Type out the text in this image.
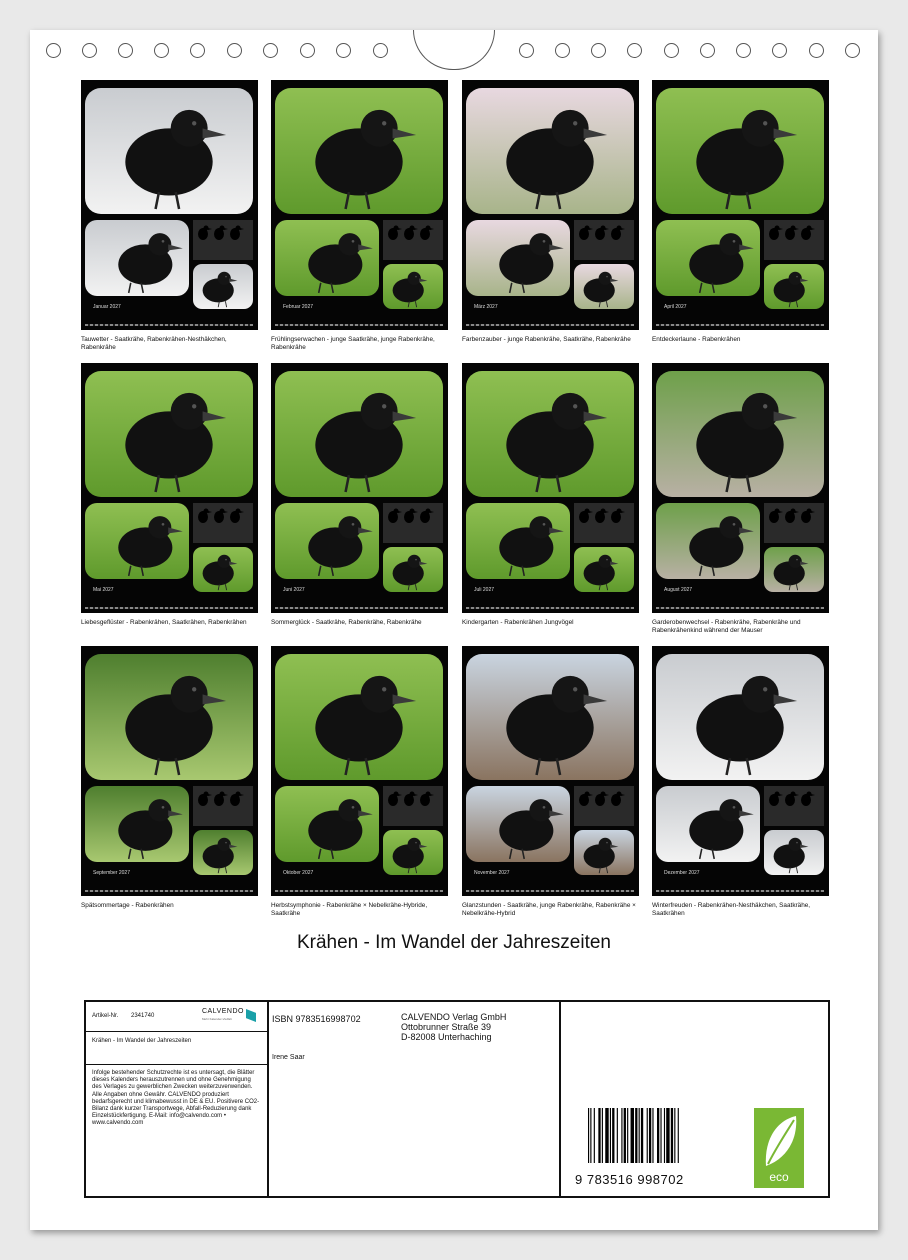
Januar 2027
Tauwetter - Saatkrähe, Rabenkrähen-Nesthäkchen, Rabenkrähe
Februar 2027
Frühlingserwachen - junge Saatkrähe, junge Rabenkrähe, Rabenkrähe
März 2027
Farbenzauber - junge Rabenkrähe, Saatkrähe, Rabenkrähe
April 2027
Entdeckerlaune - Rabenkrähen
Mai 2027
Liebesgeflüster - Rabenkrähen, Saatkrähen, Rabenkrähen
Juni 2027
Sommerglück - Saatkrähe, Rabenkrähe, Rabenkrähe
Juli 2027
Kindergarten - Rabenkrähen Jungvögel
August 2027
Garderobenwechsel - Rabenkrähe, Rabenkrähe und Rabenkrähenkind während der Mauser
September 2027
Spätsommertage - Rabenkrähen
Oktober 2027
Herbstsymphonie - Rabenkrähe × Nebelkrähe-Hybride, Saatkrähe
November 2027
Glanzstunden - Saatkrähe, junge Rabenkrähe, Rabenkrähe × Nebelkrähe-Hybrid
Dezember 2027
Winterfreuden - Rabenkrähen-Nesthäkchen, Saatkrähe, Saatkrähen
Krähen - Im Wandel der Jahreszeiten
Artikel-Nr. 2341740
CALVENDO
Mehr Kalender-Vielfalt
Krähen - Im Wandel der Jahreszeiten
Infolge bestehender Schutzrechte ist es untersagt, die Blätter dieses Kalenders herauszutrennen und ohne Genehmigung des Verlages zu gewerblichen Zwecken weiterzuverwenden. Alle Angaben ohne Gewähr. CALVENDO produziert bedarfsgerecht und klimabewusst in DE & EU. Positivere CO2-Bilanz dank kurzer Transportwege, Abfall-Reduzierung dank Einzelstückfertigung. E-Mail: info@calvendo.com • www.calvendo.com
ISBN 9783516998702	CALVENDO Verlag GmbH
Ottobrunner Straße 39
D-82008 Unterhaching
Irene Saar
9 783516 998702	eco
